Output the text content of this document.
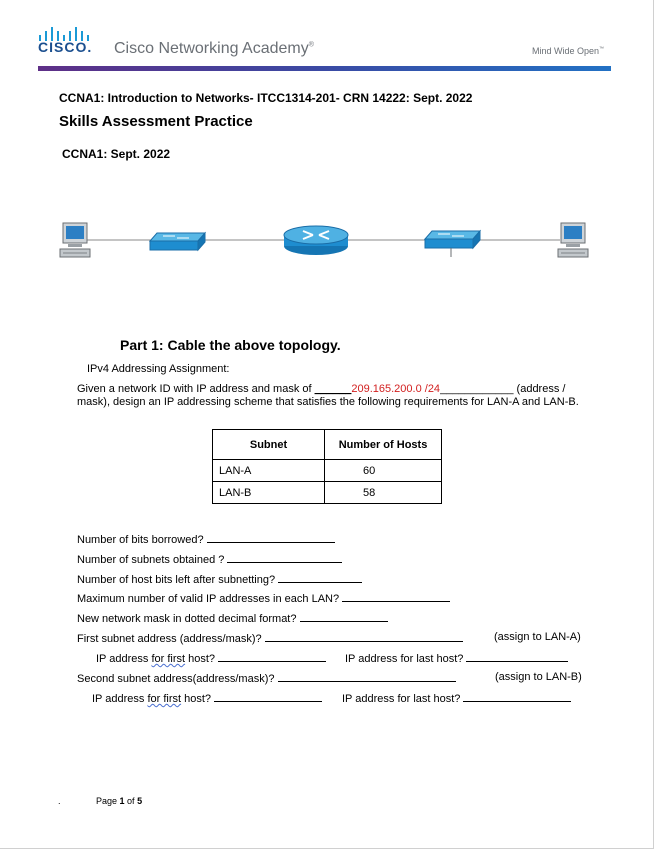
CISCO. Cisco Networking Academy®
Mind Wide Open™
CCNA1: Introduction to Networks- ITCC1314-201- CRN 14222: Sept. 2022
Skills Assessment Practice
CCNA1: Sept. 2022
Part 1: Cable the above topology.
IPv4 Addressing Assignment:
Given a network ID with IP address and mask of ______209.165.200.0 /24____________ (address / mask), design an IP addressing scheme that satisfies the following requirements for LAN-A and LAN-B.
Subnet	Number of Hosts
LAN-A	60
LAN-B	58
Number of bits borrowed?
Number of subnets obtained ?
Number of host bits left after subnetting?
Maximum number of valid IP addresses in each LAN?
New network mask in dotted decimal format?
First subnet address (address/mask)?	(assign to LAN-A)
IP address for first host?	IP address for last host?
Second subnet address(address/mask)?	(assign to LAN-B)
IP address for first host?	IP address for last host?
.	Page 1 of 5
